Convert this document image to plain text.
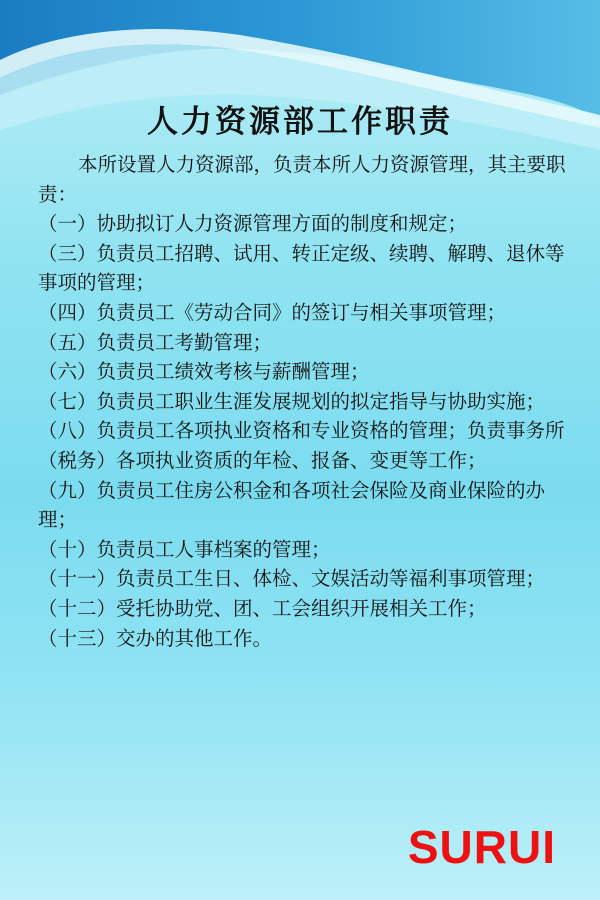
人力资源部工作职责

本所设置人力资源部，负责本所人力资源管理，其主要职责：

（一）协助拟订人力资源管理方面的制度和规定；
（三）负责员工招聘、试用、转正定级、续聘、解聘、退休等事项的管理；
（四）负责员工《劳动合同》的签订与相关事项管理；
（五）负责员工考勤管理；
（六）负责员工绩效考核与薪酬管理；
（七）负责员工职业生涯发展规划的拟定指导与协助实施；
（八）负责员工各项执业资格和专业资格的管理；负责事务所（税务）各项执业资质的年检、报备、变更等工作；
（九）负责员工住房公积金和各项社会保险及商业保险的办理；
（十）负责员工人事档案的管理；
（十一）负责员工生日、体检、文娱活动等福利事项管理；
（十二）受托协助党、团、工会组织开展相关工作；
（十三）交办的其他工作。
SURUI
